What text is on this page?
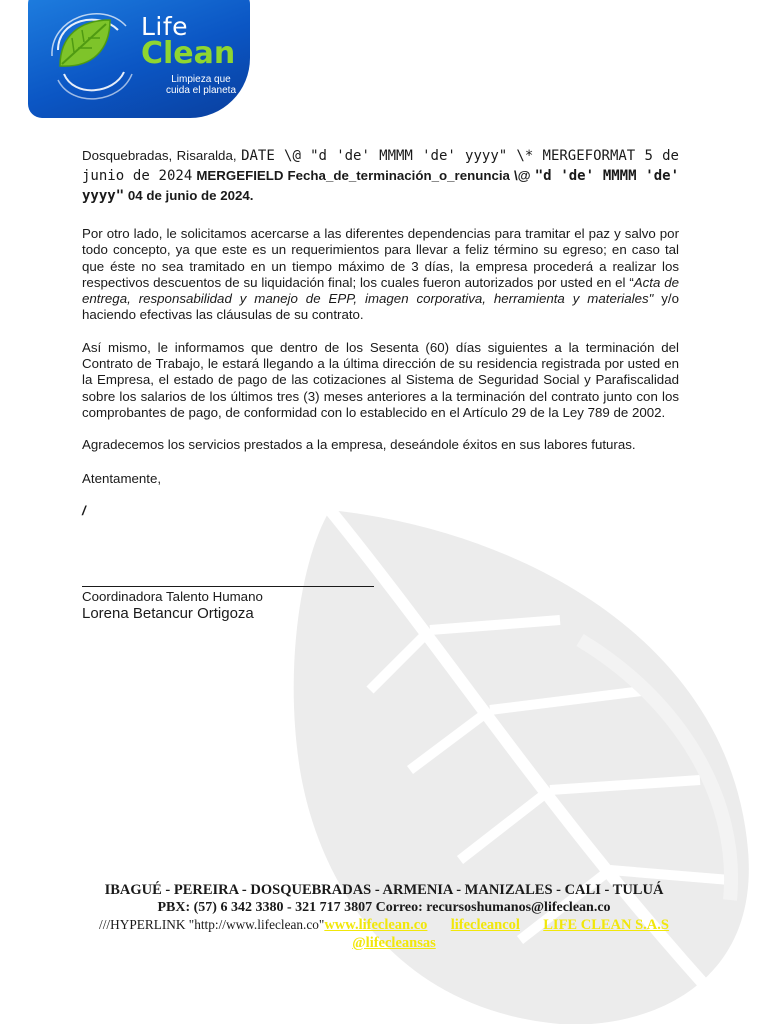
Life
Clean
Limpieza que
cuida el planeta
Dosquebradas, Risaralda, DATE \@ "d 'de' MMMM 'de' yyyy" \* MERGEFORMAT 5 de junio de 2024 MERGEFIELD Fecha_de_terminación_o_renuncia \@ "d 'de' MMMM 'de' yyyy" 04 de junio de 2024.
Por otro lado, le solicitamos acercarse a las diferentes dependencias para tramitar el paz y salvo por todo concepto, ya que este es un requerimientos para llevar a feliz término su egreso; en caso tal que éste no sea tramitado en un tiempo máximo de 3 días, la empresa procederá a realizar los respectivos descuentos de su liquidación final; los cuales fueron autorizados por usted en el “Acta de entrega, responsabilidad y manejo de EPP, imagen corporativa, herramienta y materiales" y/o haciendo efectivas las cláusulas de su contrato.
Así mismo, le informamos que dentro de los Sesenta (60) días siguientes a la terminación del Contrato de Trabajo, le estará llegando a la última dirección de su residencia registrada por usted en la Empresa, el estado de pago de las cotizaciones al Sistema de Seguridad Social y Parafiscalidad sobre los salarios de los últimos tres (3) meses anteriores a la terminación del contrato junto con los comprobantes de pago, de conformidad con lo establecido en el Artículo 29 de la Ley 789 de 2002.
Agradecemos los servicios prestados a la empresa, deseándole éxitos en sus labores futuras.
Atentamente,
/
Coordinadora Talento Humano
Lorena Betancur Ortigoza
IBAGUÉ - PEREIRA - DOSQUEBRADAS - ARMENIA - MANIZALES - CALI - TULUÁ
PBX: (57) 6 342 3380 - 321 717 3807 Correo: recursoshumanos@lifeclean.co
///HYPERLINK "http://www.lifeclean.co"www.lifeclean.co lifecleancol LIFE CLEAN S.A.S       @lifecleansas
